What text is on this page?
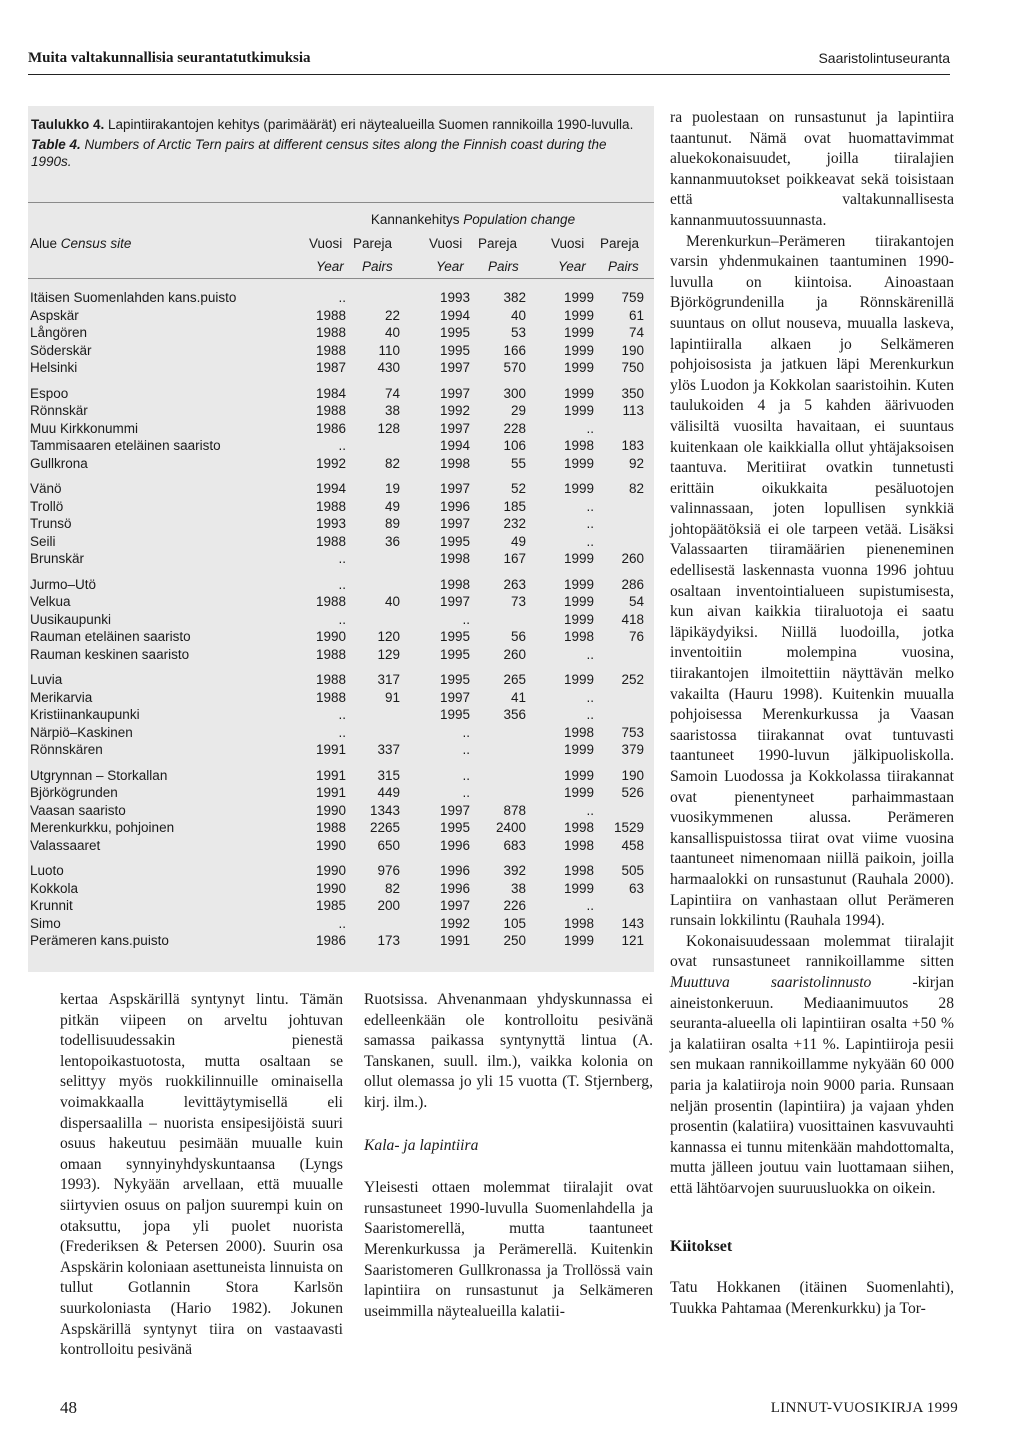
Muita valtakunnallisia seurantatutkimuksia	Saaristolintuseuranta
Taulukko 4. Lapintiirakantojen kehitys (parimäärät) eri näytealueilla Suomen rannikoilla 1990-luvulla.
Table 4. Numbers of Arctic Tern pairs at different census sites along the Finnish coast during the 1990s.
Kannankehitys Population change
Alue Census site	Vuosi Pareja	Vuosi Pareja	Vuosi Pareja
Year Pairs	Year Pairs	Year Pairs
Itäisen Suomenlahden kans.puisto	..	1993	382	1999	759
Aspskär	1988	22	1994	40	1999	61
Långören	1988	40	1995	53	1999	74
Söderskär	1988	110	1995	166	1999	190
Helsinki	1987	430	1997	570	1999	750
Espoo	1984	74	1997	300	1999	350
Rönnskär	1988	38	1992	29	1999	113
Muu Kirkkonummi	1986	128	1997	228	..
Tammisaaren eteläinen saaristo	..	1994	106	1998	183
Gullkrona	1992	82	1998	55	1999	92
Vänö	1994	19	1997	52	1999	82
Trollö	1988	49	1996	185	..
Trunsö	1993	89	1997	232	..
Seili	1988	36	1995	49	..
Brunskär	..	1998	167	1999	260
Jurmo–Utö	..	1998	263	1999	286
Velkua	1988	40	1997	73	1999	54
Uusikaupunki	..	..	1999	418
Rauman eteläinen saaristo	1990	120	1995	56	1998	76
Rauman keskinen saaristo	1988	129	1995	260	..
Luvia	1988	317	1995	265	1999	252
Merikarvia	1988	91	1997	41	..
Kristiinankaupunki	..	1995	356	..
Närpiö–Kaskinen	..	..	1998	753
Rönnskären	1991	337	..	1999	379
Utgrynnan – Storkallan	1991	315	..	1999	190
Björkögrunden	1991	449	..	1999	526
Vaasan saaristo	1990	1343	1997	878	..
Merenkurkku, pohjoinen	1988	2265	1995	2400	1998	1529
Valassaaret	1990	650	1996	683	1998	458
Luoto	1990	976	1996	392	1998	505
Kokkola	1990	82	1996	38	1999	63
Krunnit	1985	200	1997	226	..
Simo	..	1992	105	1998	143
Perämeren kans.puisto	1986	173	1991	250	1999	121

kertaa Aspskärillä syntynyt lintu. Tämän pitkän viipeen on arveltu johtuvan todellisuudessakin pienestä lentopoikastuotosta, mutta osaltaan se selittyy myös ruokkilinnuille ominaisella voimakkaalla levittäytymisellä eli dispersaalilla – nuorista ensipesijöistä suuri osuus hakeutuu pesimään muualle kuin omaan synnyinyhdyskuntaansa (Lyngs 1993). Nykyään arvellaan, että muualle siirtyvien osuus on paljon suurempi kuin on otaksuttu, jopa yli puolet nuorista (Frederiksen & Petersen 2000). Suurin osa Aspskärin koloniaan asettuneista linnuista on tullut Gotlannin Stora Karlsön suurkoloniasta (Hario 1982). Jokunen Aspskärillä syntynyt tiira on vastaavasti kontrolloitu pesivänä

Ruotsissa. Ahvenanmaan yhdyskunnassa ei edelleenkään ole kontrolloitu pesivänä samassa paikassa syntynyttä lintua (A. Tanskanen, suull. ilm.), vaikka kolonia on ollut olemassa jo yli 15 vuotta (T. Stjernberg, kirj. ilm.).

Kala- ja lapintiira

Yleisesti ottaen molemmat tiiralajit ovat runsastuneet 1990-luvulla Suomenlahdella ja Saaristomerellä, mutta taantuneet Merenkurkussa ja Perämerellä. Kuitenkin Saaristomeren Gullkronassa ja Trollössä vain lapintiira on runsastunut ja Selkämeren useimmilla näytealueilla kalatii-

ra puolestaan on runsastunut ja lapintiira taantunut. Nämä ovat huomattavimmat aluekokonaisuudet, joilla tiiralajien kannanmuutokset poikkeavat sekä toisistaan että valtakunnallisesta kannanmuutossuunnasta.

Merenkurkun–Perämeren tiirakantojen varsin yhdenmukainen taantuminen 1990-luvulla on kiintoisa. Ainoastaan Björkögrundenilla ja Rönnskärenillä suuntaus on ollut nouseva, muualla laskeva, lapintiiralla alkaen jo Selkämeren pohjoisosista ja jatkuen läpi Merenkurkun ylös Luodon ja Kokkolan saaristoihin. Kuten taulukoiden 4 ja 5 kahden äärivuoden välisiltä vuosilta havaitaan, ei suuntaus kuitenkaan ole kaikkialla ollut yhtäjaksoisen taantuva. Meritiirat ovatkin tunnetusti erittäin oikukkaita pesäluotojen valinnassaan, joten lopullisen synkkiä johtopäätöksiä ei ole tarpeen vetää. Lisäksi Valassaarten tiiramäärien pieneneminen edellisestä laskennasta vuonna 1996 johtuu osaltaan inventointialueen supistumisesta, kun aivan kaikkia tiiraluotoja ei saatu läpikäydyiksi. Niillä luodoilla, jotka inventoitiin molempina vuosina, tiirakantojen ilmoitettiin näyttävän melko vakailta (Hauru 1998). Kuitenkin muualla pohjoisessa Merenkurkussa ja Vaasan saaristossa tiirakannat ovat tuntuvasti taantuneet 1990-luvun jälkipuoliskolla. Samoin Luodossa ja Kokkolassa tiirakannat ovat pienentyneet parhaimmastaan vuosikymmenen alussa. Perämeren kansallispuistossa tiirat ovat viime vuosina taantuneet nimenomaan niillä paikoin, joilla harmaalokki on runsastunut (Rauhala 2000). Lapintiira on vanhastaan ollut Perämeren runsain lokkilintu (Rauhala 1994).

Kokonaisuudessaan molemmat tiiralajit ovat runsastuneet rannikoillamme sitten Muuttuva saaristolinnusto -kirjan aineistonkeruun. Mediaanimuutos 28 seuranta-alueella oli lapintiiran osalta +50 % ja kalatiiran osalta +11 %. Lapintiiroja pesii sen mukaan rannikoillamme nykyään 60 000 paria ja kalatiiroja noin 9000 paria. Runsaan neljän prosentin (lapintiira) ja vajaan yhden prosentin (kalatiira) vuosittainen kasvuvauhti kannassa ei tunnu mitenkään mahdottomalta, mutta jälleen joutuu vain luottamaan siihen, että lähtöarvojen suuruusluokka on oikein.

Kiitokset

Tatu Hokkanen (itäinen Suomenlahti), Tuukka Pahtamaa (Merenkurkku) ja Tor-

48	LINNUT-VUOSIKIRJA 1999
